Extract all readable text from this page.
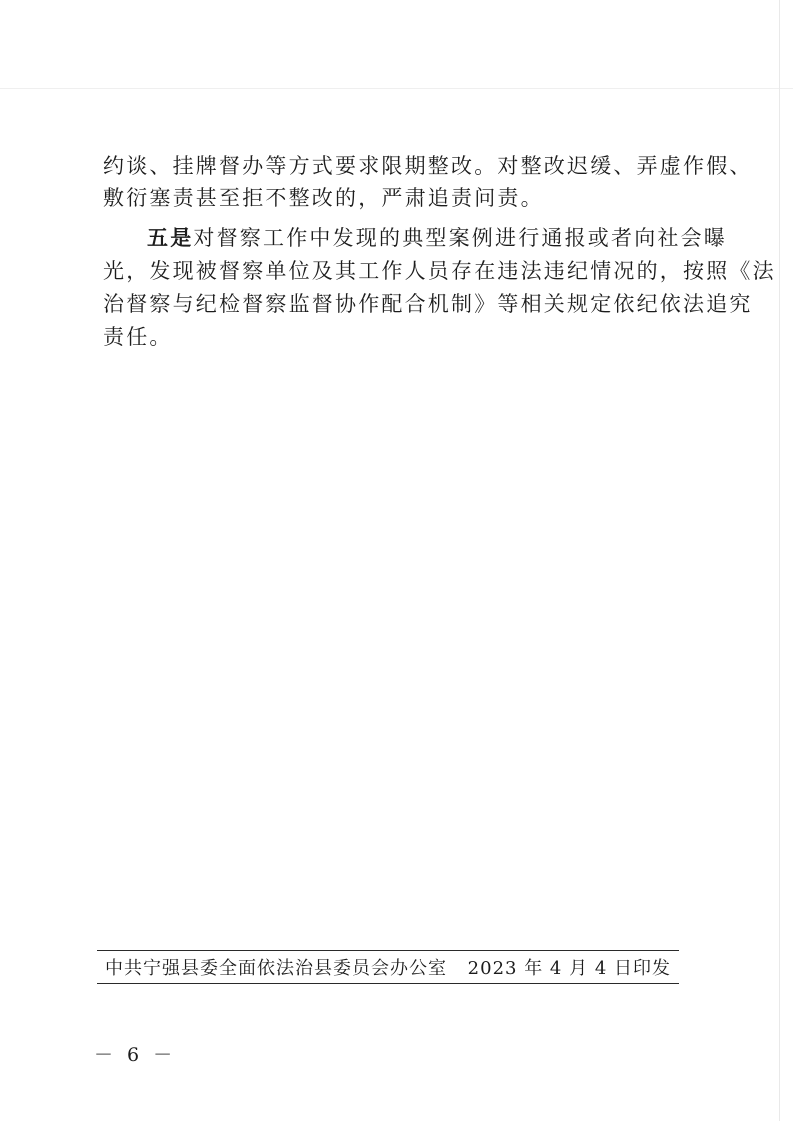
约谈、挂牌督办等方式要求限期整改。对整改迟缓、弄虚作假、
敷衍塞责甚至拒不整改的，严肃追责问责。
五是对督察工作中发现的典型案例进行通报或者向社会曝
光，发现被督察单位及其工作人员存在违法违纪情况的，按照《法
治督察与纪检督察监督协作配合机制》等相关规定依纪依法追究
责任。
中共宁强县委全面依法治县委员会办公室 2023 年 4 月 4 日印发
－ 6 －
